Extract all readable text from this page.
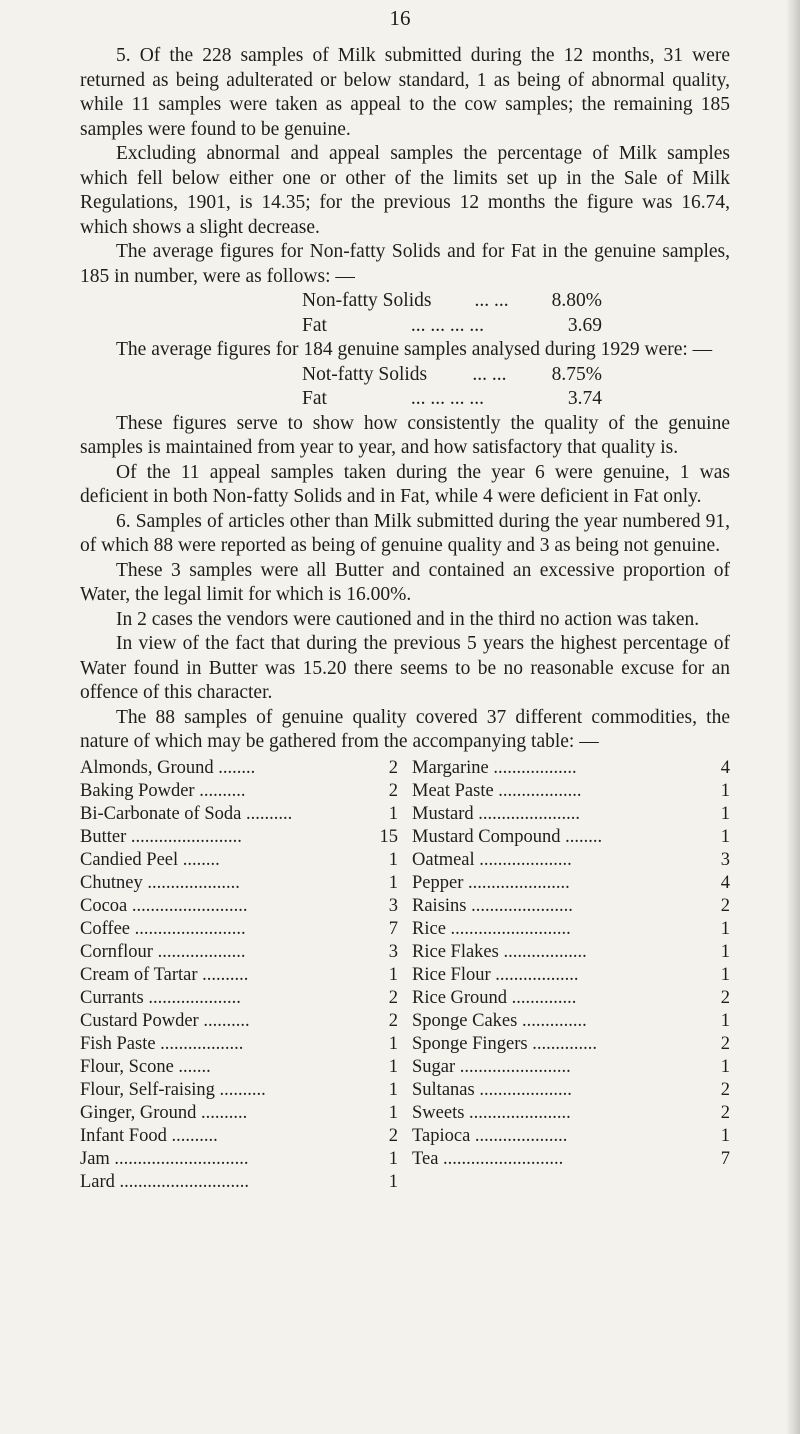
16

5. Of the 228 samples of Milk submitted during the 12 months, 31 were returned as being adulterated or below standard, 1 as being of abnormal quality, while 11 samples were taken as appeal to the cow samples; the remaining 185 samples were found to be genuine.

Excluding abnormal and appeal samples the percentage of Milk samples which fell below either one or other of the limits set up in the Sale of Milk Regulations, 1901, is 14.35; for the previous 12 months the figure was 16.74, which shows a slight decrease.

The average figures for Non-fatty Solids and for Fat in the genuine samples, 185 in number, were as follows: —

Non-fatty Solids ... ... 8.80%
Fat	... ... ... ...	3.69

The average figures for 184 genuine samples analysed during 1929 were: —

Not-fatty Solids ... ... 8.75%
Fat	... ... ... ...	3.74

These figures serve to show how consistently the quality of the genuine samples is maintained from year to year, and how satisfactory that quality is.

Of the 11 appeal samples taken during the year 6 were genuine, 1 was deficient in both Non-fatty Solids and in Fat, while 4 were deficient in Fat only.

6. Samples of articles other than Milk submitted during the year numbered 91, of which 88 were reported as being of genuine quality and 3 as being not genuine.

These 3 samples were all Butter and contained an excessive proportion of Water, the legal limit for which is 16.00%.

In 2 cases the vendors were cautioned and in the third no action was taken.

In view of the fact that during the previous 5 years the highest percentage of Water found in Butter was 15.20 there seems to be no reasonable excuse for an offence of this character.

The 88 samples of genuine quality covered 37 different commodities, the nature of which may be gathered from the accompanying table: —

Almonds, Ground ........	2
Baking Powder ..........	2
Bi-Carbonate of Soda ..........	1
Butter ........................	15
Candied Peel ........	1
Chutney ....................	1
Cocoa .........................	3
Coffee ........................	7
Cornflour ...................	3
Cream of Tartar ..........	1
Currants ....................	2
Custard Powder ..........	2
Fish Paste ..................	1
Flour, Scone .......	1
Flour, Self-raising ..........	1
Ginger, Ground ..........	1
Infant Food ..........	2
Jam .............................	1
Lard ............................	1
Margarine ..................	4
Meat Paste ..................	1
Mustard ......................	1
Mustard Compound ........	1
Oatmeal ....................	3
Pepper ......................	4
Raisins ......................	2
Rice ..........................	1
Rice Flakes ..................	1
Rice Flour ..................	1
Rice Ground ..............	2
Sponge Cakes ..............	1
Sponge Fingers ..............	2
Sugar ........................	1
Sultanas ....................	2
Sweets ......................	2
Tapioca ....................	1
Tea ..........................	7
